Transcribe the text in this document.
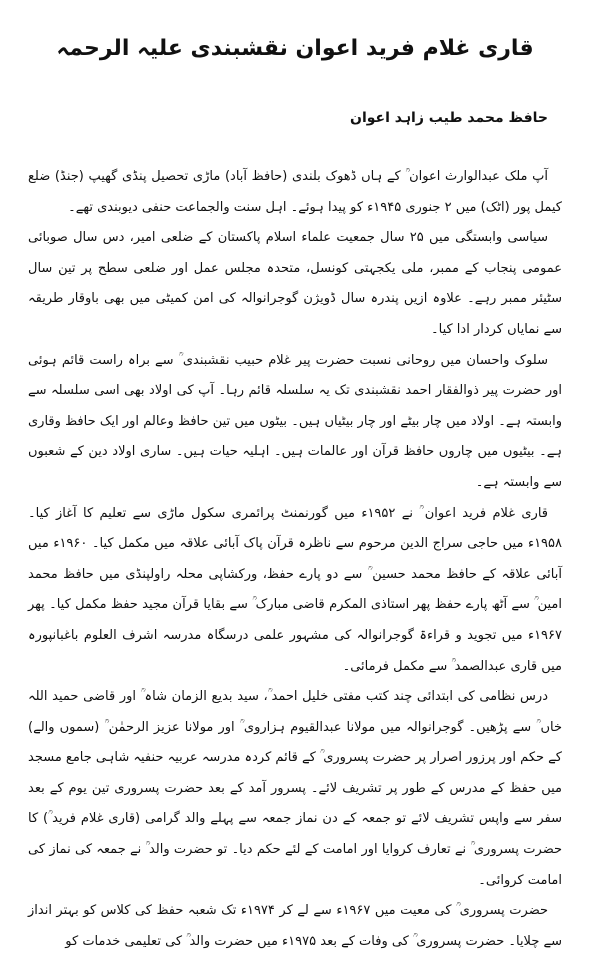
قاری غلام فرید اعوان نقشبندی علیہ الرحمہ
حافظ محمد طیب زاہد اعوان

آپ ملک عبدالوارث اعوان ؒ کے ہاں ڈھوک بلندی (حافظ آباد) ماڑی تحصیل پنڈی گھیپ (جنڈ) ضلع کیمل پور (اٹک) میں ۲ جنوری ۱۹۴۵ء کو پیدا ہوئے۔ اہل سنت والجماعت حنفی دیوبندی تھے۔

سیاسی وابستگی میں ۲۵ سال جمعیت علماء اسلام پاکستان کے ضلعی امیر، دس سال صوبائی عمومی پنجاب کے ممبر، ملی یکجہتی کونسل، متحدہ مجلس عمل اور ضلعی سطح پر تین سال سٹیئر ممبر رہے۔ علاوہ ازیں پندرہ سال ڈویژن گوجرانوالہ کی امن کمیٹی میں بھی باوقار طریقہ سے نمایاں کردار ادا کیا۔

سلوک واحسان میں روحانی نسبت حضرت پیر غلام حبیب نقشبندی ؒ سے براہ راست قائم ہوئی اور حضرت پیر ذوالفقار احمد نقشبندی تک یہ سلسلہ قائم رہا۔ آپ کی اولاد بھی اسی سلسلہ سے وابستہ ہے۔ اولاد میں چار بیٹے اور چار بیٹیاں ہیں۔ بیٹوں میں تین حافظ وعالم اور ایک حافظ وقاری ہے۔ بیٹیوں میں چاروں حافظ قرآن اور عالمات ہیں۔ اہلیہ حیات ہیں۔ ساری اولاد دین کے شعبوں سے وابستہ ہے۔

قاری غلام فرید اعوان ؒ نے ۱۹۵۲ء میں گورنمنٹ پرائمری سکول ماڑی سے تعلیم کا آغاز کیا۔ ۱۹۵۸ء میں حاجی سراج الدین مرحوم سے ناظرہ قرآن پاک آبائی علاقہ میں مکمل کیا۔ ۱۹۶۰ء میں آبائی علاقہ کے حافظ محمد حسین ؒ سے دو پارے حفظ، ورکشاپی محلہ راولپنڈی میں حافظ محمد امین ؒ سے آٹھ پارے حفظ پھر استاذی المکرم قاضی مبارک ؒ سے بقایا قرآن مجید حفظ مکمل کیا۔ پھر ۱۹۶۷ء میں تجوید و قراءۃ گوجرانوالہ کی مشہور علمی درسگاہ مدرسہ اشرف العلوم باغبانپورہ میں قاری عبدالصمد ؒ سے مکمل فرمائی۔

درس نظامی کی ابتدائی چند کتب مفتی خلیل احمد ؒ، سید بدیع الزمان شاہ ؒ اور قاضی حمید اللہ خاں ؒ سے پڑھیں۔ گوجرانوالہ میں مولانا عبدالقیوم ہزاروی ؒ اور مولانا عزیز الرحمٰن ؒ (سموں والے) کے حکم اور پرزور اصرار پر حضرت پسروری ؒ کے قائم کردہ مدرسہ عربیہ حنفیہ شاہی جامع مسجد میں حفظ کے مدرس کے طور پر تشریف لائے۔ پسرور آمد کے بعد حضرت پسروری تین یوم کے بعد سفر سے واپس تشریف لائے تو جمعہ کے دن نماز جمعہ سے پہلے والد گرامی (قاری غلام فرید ؒ) کا حضرت پسروری ؒ نے تعارف کروایا اور امامت کے لئے حکم دیا۔ تو حضرت والد ؒ نے جمعہ کی نماز کی امامت کروائی۔

حضرت پسروری ؒ کی معیت میں ۱۹۶۷ء سے لے کر ۱۹۷۴ء تک شعبہ حفظ کی کلاس کو بہتر انداز سے چلایا۔ حضرت پسروری ؒ کی وفات کے بعد ۱۹۷۵ء میں حضرت والد ؒ کی تعلیمی خدمات کو
